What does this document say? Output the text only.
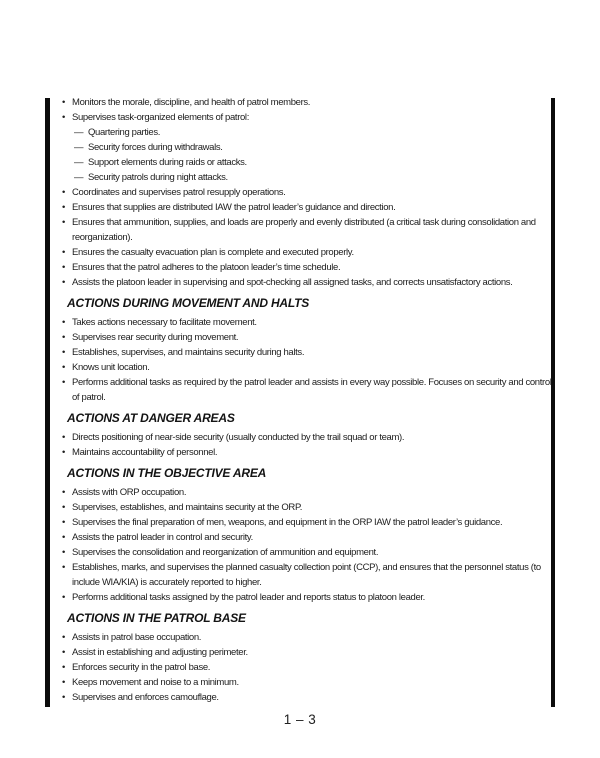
• Monitors the morale, discipline, and health of patrol members.
• Supervises task-organized elements of patrol:
— Quartering parties.
— Security forces during withdrawals.
— Support elements during raids or attacks.
— Security patrols during night attacks.
• Coordinates and supervises patrol resupply operations.
• Ensures that supplies are distributed IAW the patrol leader’s guidance and direction.
• Ensures that ammunition, supplies, and loads are properly and evenly distributed (a critical task during consolidation and reorganization).
• Ensures the casualty evacuation plan is complete and executed properly.
• Ensures that the patrol adheres to the platoon leader’s time schedule.
• Assists the platoon leader in supervising and spot-checking all assigned tasks, and corrects unsatisfactory actions.
ACTIONS DURING MOVEMENT AND HALTS
• Takes actions necessary to facilitate movement.
• Supervises rear security during movement.
• Establishes, supervises, and maintains security during halts.
• Knows unit location.
• Performs additional tasks as required by the patrol leader and assists in every way possible. Focuses on security and control of patrol.
ACTIONS AT DANGER AREAS
• Directs positioning of near-side security (usually conducted by the trail squad or team).
• Maintains accountability of personnel.
ACTIONS IN THE OBJECTIVE AREA
• Assists with ORP occupation.
• Supervises, establishes, and maintains security at the ORP.
• Supervises the final preparation of men, weapons, and equipment in the ORP IAW the patrol leader’s guidance.
• Assists the patrol leader in control and security.
• Supervises the consolidation and reorganization of ammunition and equipment.
• Establishes, marks, and supervises the planned casualty collection point (CCP), and ensures that the personnel status (to include WIA/KIA) is accurately reported to higher.
• Performs additional tasks assigned by the patrol leader and reports status to platoon leader.
ACTIONS IN THE PATROL BASE
• Assists in patrol base occupation.
• Assist in establishing and adjusting perimeter.
• Enforces security in the patrol base.
• Keeps movement and noise to a minimum.
• Supervises and enforces camouflage.
1 – 3
